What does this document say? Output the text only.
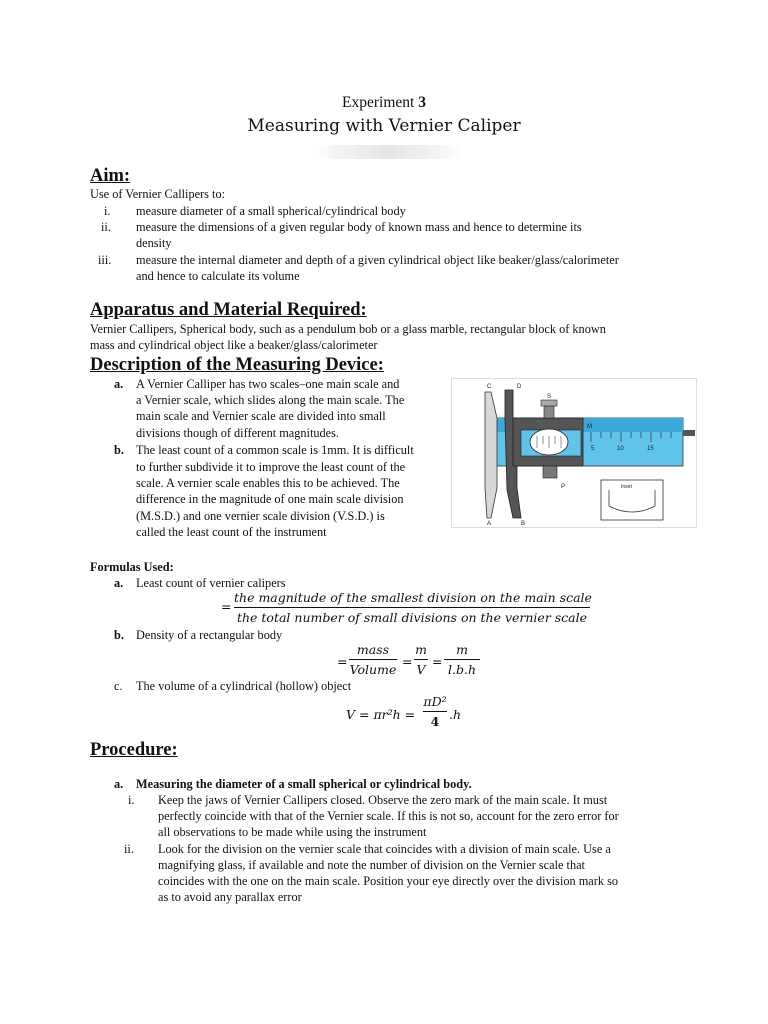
Experiment 3
Measuring with Vernier Caliper
Aim:
Use of Vernier Callipers to:
i. measure diameter of a small spherical/cylindrical body
ii. measure the dimensions of a given regular body of known mass and hence to determine its
density
iii. measure the internal diameter and depth of a given cylindrical object like beaker/glass/calorimeter
and hence to calculate its volume
Apparatus and Material Required:
Vernier Callipers, Spherical body, such as a pendulum bob or a glass marble, rectangular block of known
mass and cylindrical object like a beaker/glass/calorimeter
Description of the Measuring Device:
a. A Vernier Calliper has two scales–one main scale and
a Vernier scale, which slides along the main scale. The
main scale and Vernier scale are divided into small
divisions though of different magnitudes.
b. The least count of a common scale is 1mm. It is difficult
to further subdivide it to improve the least count of the
scale. A vernier scale enables this to be achieved. The
difference in the magnitude of one main scale division
(M.S.D.) and one vernier scale division (V.S.D.) is
called the least count of the instrument
5	10	15
Inset
C	D
S
M
A	B
P
Formulas Used:
a. Least count of vernier calipers
=
the magnitude of the smallest division on the main scale
the total number of small divisions on the vernier scale
b. Density of a rectangular body
=
mass
Volume
=
m
V
=
m
l.b.h
c. The volume of a cylindrical (hollow) object
V = πr²h =
πD²
4 .h
Procedure:
a. Measuring the diameter of a small spherical or cylindrical body.
i. Keep the jaws of Vernier Callipers closed. Observe the zero mark of the main scale. It must
perfectly coincide with that of the Vernier scale. If this is not so, account for the zero error for
all observations to be made while using the instrument
ii. Look for the division on the vernier scale that coincides with a division of main scale. Use a
magnifying glass, if available and note the number of division on the Vernier scale that
coincides with the one on the main scale. Position your eye directly over the division mark so
as to avoid any parallax error
